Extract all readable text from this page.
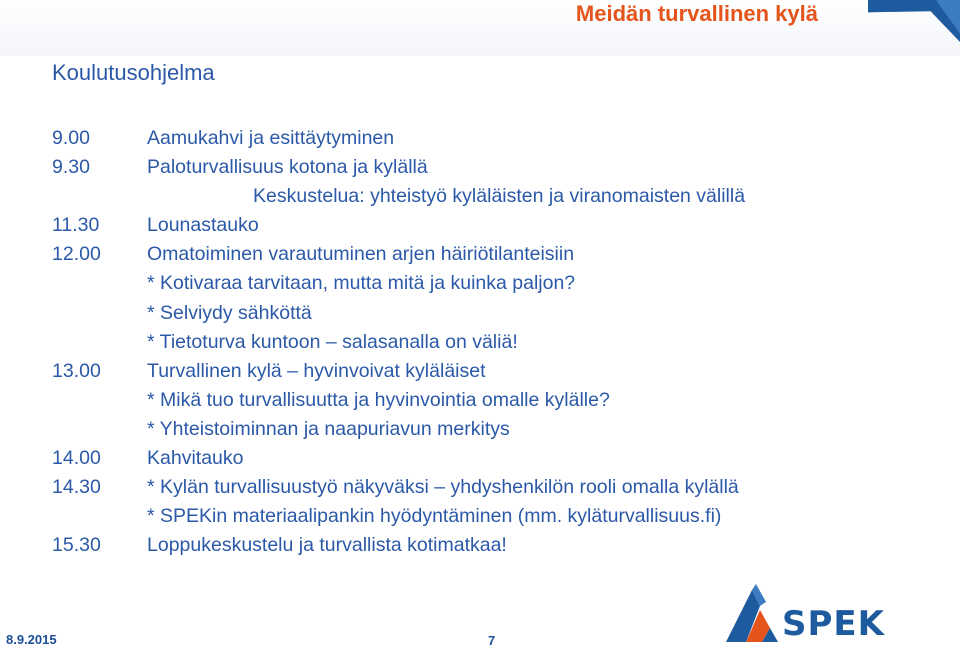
Meidän turvallinen kylä
Koulutusohjelma
9.00	Aamukahvi ja esittäytyminen
9.30	Paloturvallisuus kotona ja kylällä
Keskustelua: yhteistyö kyläläisten ja viranomaisten välillä
11.30 Lounastauko
12.00 Omatoiminen varautuminen arjen häiriötilanteisiin
* Kotivaraa tarvitaan, mutta mitä ja kuinka paljon?
* Selviydy sähköttä
* Tietoturva kuntoon – salasanalla on väliä!
13.00 Turvallinen kylä – hyvinvoivat kyläläiset
* Mikä tuo turvallisuutta ja hyvinvointia omalle kylälle?
* Yhteistoiminnan ja naapuriavun merkitys
14.00 Kahvitauko
14.30 * Kylän turvallisuustyö näkyväksi – yhdyshenkilön rooli omalla kylällä
* SPEKin materiaalipankin hyödyntäminen (mm. kyläturvallisuus.fi)
15.30 Loppukeskustelu ja turvallista kotimatkaa!
8.9.2015	7	SPEK
